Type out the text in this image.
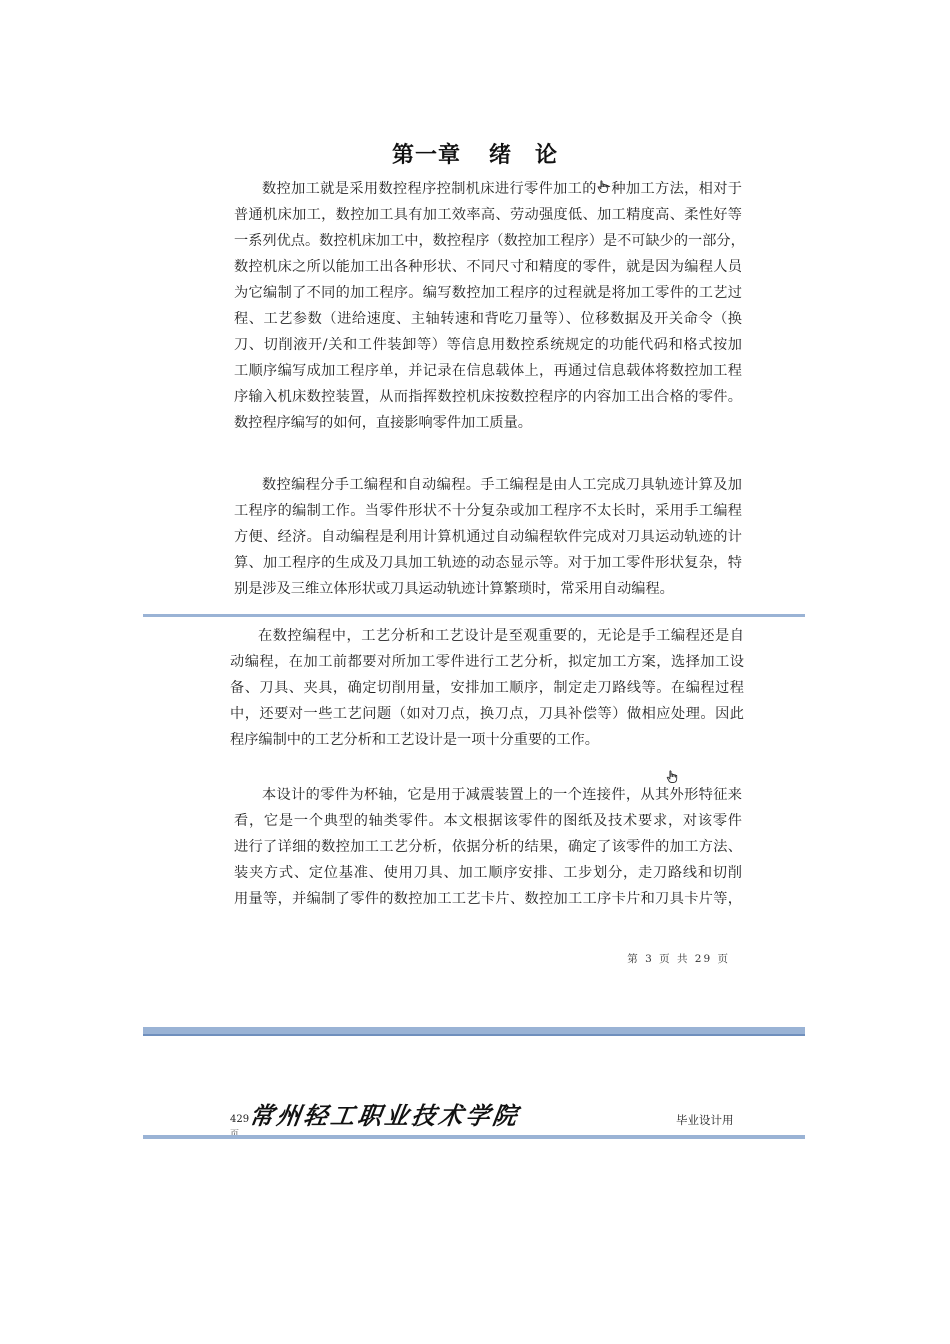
第一章 绪　论
数控加工就是采用数控程序控制机床进行零件加工的一种加工方法，相对于
普通机床加工，数控加工具有加工效率高、劳动强度低、加工精度高、柔性好等
一系列优点。数控机床加工中，数控程序（数控加工程序）是不可缺少的一部分，
数控机床之所以能加工出各种形状、不同尺寸和精度的零件，就是因为编程人员
为它编制了不同的加工程序。编写数控加工程序的过程就是将加工零件的工艺过
程、工艺参数（进给速度、主轴转速和背吃刀量等）、位移数据及开关命令（换
刀、切削液开/关和工件装卸等）等信息用数控系统规定的功能代码和格式按加
工顺序编写成加工程序单，并记录在信息载体上，再通过信息载体将数控加工程
序输入机床数控装置，从而指挥数控机床按数控程序的内容加工出合格的零件。
数控程序编写的如何，直接影响零件加工质量。
数控编程分手工编程和自动编程。手工编程是由人工完成刀具轨迹计算及加
工程序的编制工作。当零件形状不十分复杂或加工程序不太长时，采用手工编程
方便、经济。自动编程是利用计算机通过自动编程软件完成对刀具运动轨迹的计
算、加工程序的生成及刀具加工轨迹的动态显示等。对于加工零件形状复杂，特
别是涉及三维立体形状或刀具运动轨迹计算繁琐时，常采用自动编程。
在数控编程中，工艺分析和工艺设计是至观重要的，无论是手工编程还是自
动编程，在加工前都要对所加工零件进行工艺分析，拟定加工方案，选择加工设
备、刀具、夹具，确定切削用量，安排加工顺序，制定走刀路线等。在编程过程
中，还要对一些工艺问题（如对刀点，换刀点，刀具补偿等）做相应处理。因此
程序编制中的工艺分析和工艺设计是一项十分重要的工作。
本设计的零件为杯轴，它是用于减震装置上的一个连接件，从其外形特征来
看，它是一个典型的轴类零件。本文根据该零件的图纸及技术要求，对该零件
进行了详细的数控加工工艺分析，依据分析的结果，确定了该零件的加工方法、
装夹方式、定位基准、使用刀具、加工顺序安排、工步划分，走刀路线和切削
用量等，并编制了零件的数控加工工艺卡片、数控加工工序卡片和刀具卡片等，
第 3 页 共 29 页
常州轻工职业技术学院
429	毕业设计用
